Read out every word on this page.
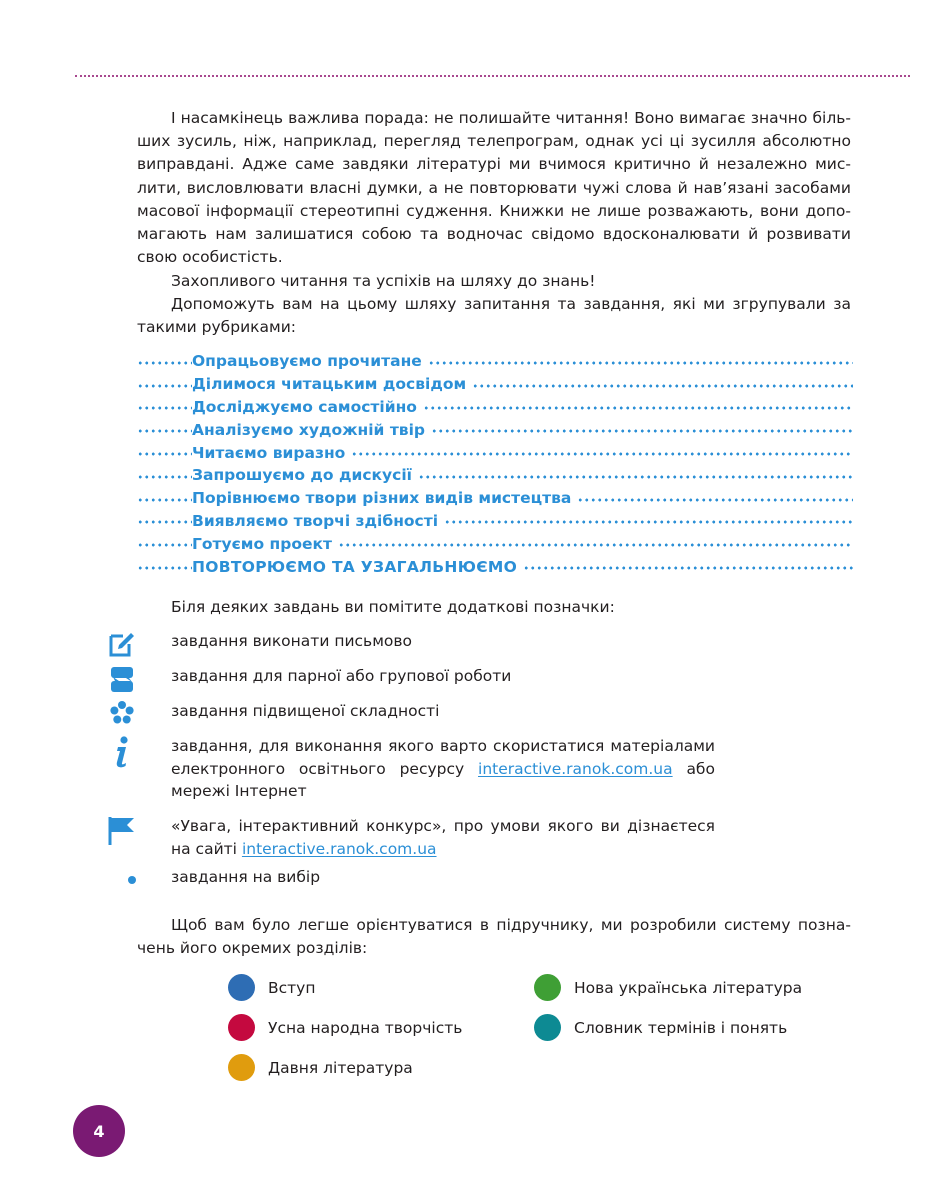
І насамкінець важлива порада: не полишайте читання! Воно вимагає значно більших зусиль, ніж, наприклад, перегляд телепрограм, однак усі ці зусилля абсолютно виправдані. Адже саме завдяки літературі ми вчимося критично й незалежно мислити, висловлювати власні думки, а не повторювати чужі слова й нав’язані засобами масової інформації стереотипні судження. Книжки не лише розважають, вони допомагають нам залишатися собою та водночас свідомо вдосконалювати й розвивати свою особистість.

Захопливого читання та успіхів на шляху до знань!

Допоможуть вам на цьому шляху запитання та завдання, які ми згрупували за такими рубриками:

Опрацьовуємо прочитане
Ділимося читацьким досвідом
Досліджуємо самостійно
Аналізуємо художній твір
Читаємо виразно
Запрошуємо до дискусії
Порівнюємо твори різних видів мистецтва
Виявляємо творчі здібності
Готуємо проект
ПОВТОРЮЄМО ТА УЗАГАЛЬНЮЄМО

Біля деяких завдань ви помітите додаткові позначки:

завдання виконати письмово
завдання для парної або групової роботи
завдання підвищеної складності
завдання, для виконання якого варто скористатися матеріалами електронного освітнього ресурсу interactive.ranok.com.ua або мережі Інтернет
«Увага, інтерактивний конкурс», про умови якого ви дізнаєтеся на сайті interactive.ranok.com.ua
завдання на вибір

Щоб вам було легше орієнтуватися в підручнику, ми розробили систему позначень його окремих розділів:

Вступ
Усна народна творчість
Давня література
Нова українська література
Словник термінів і понять
4
